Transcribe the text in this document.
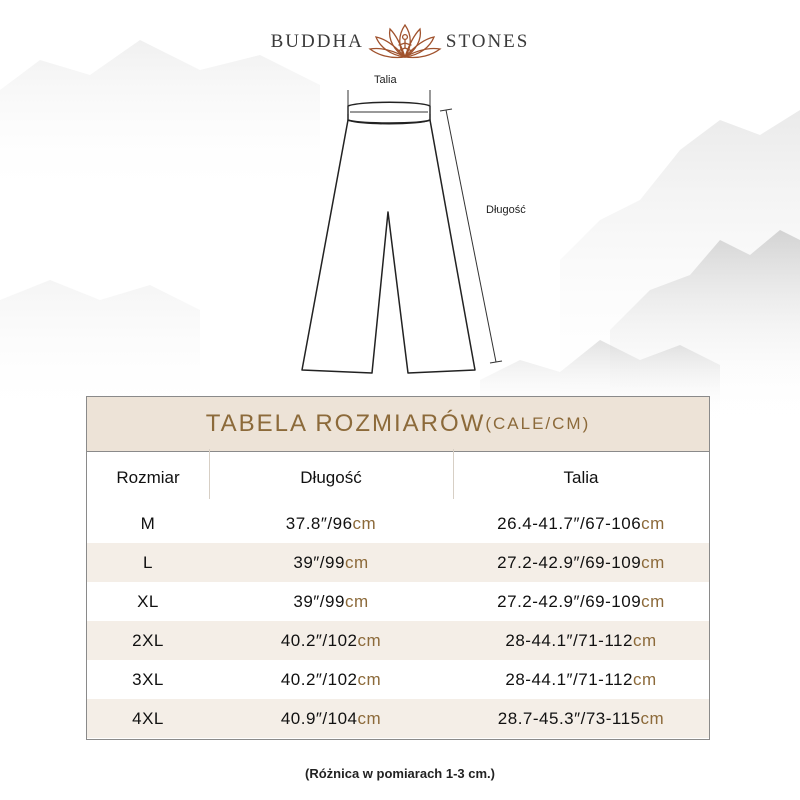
BUDDHA	STONES
Talia
Długość
TABELA ROZMIARÓW (CALE/CM)
Rozmiar	Długość	Talia
M	37.8″/96cm	26.4-41.7″/67-106cm
L	39″/99cm	27.2-42.9″/69-109cm
XL	39″/99cm	27.2-42.9″/69-109cm
2XL	40.2″/102cm	28-44.1″/71-112cm
3XL	40.2″/102cm	28-44.1″/71-112cm
4XL	40.9″/104cm	28.7-45.3″/73-115cm
(Różnica w pomiarach 1-3 cm.)
